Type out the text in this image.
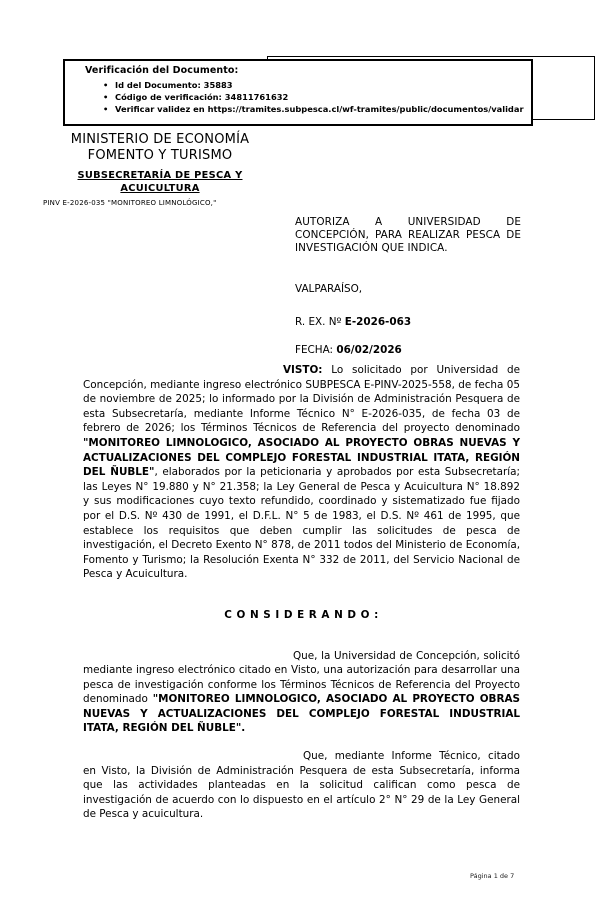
Verificación del Documento:
• Id del Documento: 35883
• Código de verificación: 34811761632
• Verificar validez en https://tramites.subpesca.cl/wf-tramites/public/documentos/validar
MINISTERIO DE ECONOMÍA
FOMENTO Y TURISMO
SUBSECRETARÍA DE PESCA Y
ACUICULTURA
PINV E-2026-035 "MONITOREO LIMNOLÓGICO,"

AUTORIZA A UNIVERSIDAD DE CONCEPCIÓN, PARA REALIZAR PESCA DE INVESTIGACIÓN QUE INDICA.

VALPARAÍSO,

R. EX. Nº E-2026-063

FECHA: 06/02/2026

VISTO: Lo solicitado por Universidad de Concepción, mediante ingreso electrónico SUBPESCA E-PINV-2025-558, de fecha 05 de noviembre de 2025; lo informado por la División de Administración Pesquera de esta Subsecretaría, mediante Informe Técnico N° E-2026-035, de fecha 03 de febrero de 2026; los Términos Técnicos de Referencia del proyecto denominado "MONITOREO LIMNOLOGICO, ASOCIADO AL PROYECTO OBRAS NUEVAS Y ACTUALIZACIONES DEL COMPLEJO FORESTAL INDUSTRIAL ITATA, REGIÓN DEL ÑUBLE", elaborados por la peticionaria y aprobados por esta Subsecretaría; las Leyes N° 19.880 y N° 21.358; la Ley General de Pesca y Acuicultura N° 18.892 y sus modificaciones cuyo texto refundido, coordinado y sistematizado fue fijado por el D.S. Nº 430 de 1991, el D.F.L. N° 5 de 1983, el D.S. Nº 461 de 1995, que establece los requisitos que deben cumplir las solicitudes de pesca de investigación, el Decreto Exento N° 878, de 2011 todos del Ministerio de Economía, Fomento y Turismo; la Resolución Exenta N° 332 de 2011, del Servicio Nacional de Pesca y Acuicultura.

C O N S I D E R A N D O :

Que, la Universidad de Concepción, solicitó mediante ingreso electrónico citado en Visto, una autorización para desarrollar una pesca de investigación conforme los Términos Técnicos de Referencia del Proyecto denominado "MONITOREO LIMNOLOGICO, ASOCIADO AL PROYECTO OBRAS NUEVAS Y ACTUALIZACIONES DEL COMPLEJO FORESTAL INDUSTRIAL ITATA, REGIÓN DEL ÑUBLE".

Que, mediante Informe Técnico, citado en Visto, la División de Administración Pesquera de esta Subsecretaría, informa que las actividades planteadas en la solicitud califican como pesca de investigación de acuerdo con lo dispuesto en el artículo 2° N° 29 de la Ley General de Pesca y acuicultura.

Página 1 de 7
